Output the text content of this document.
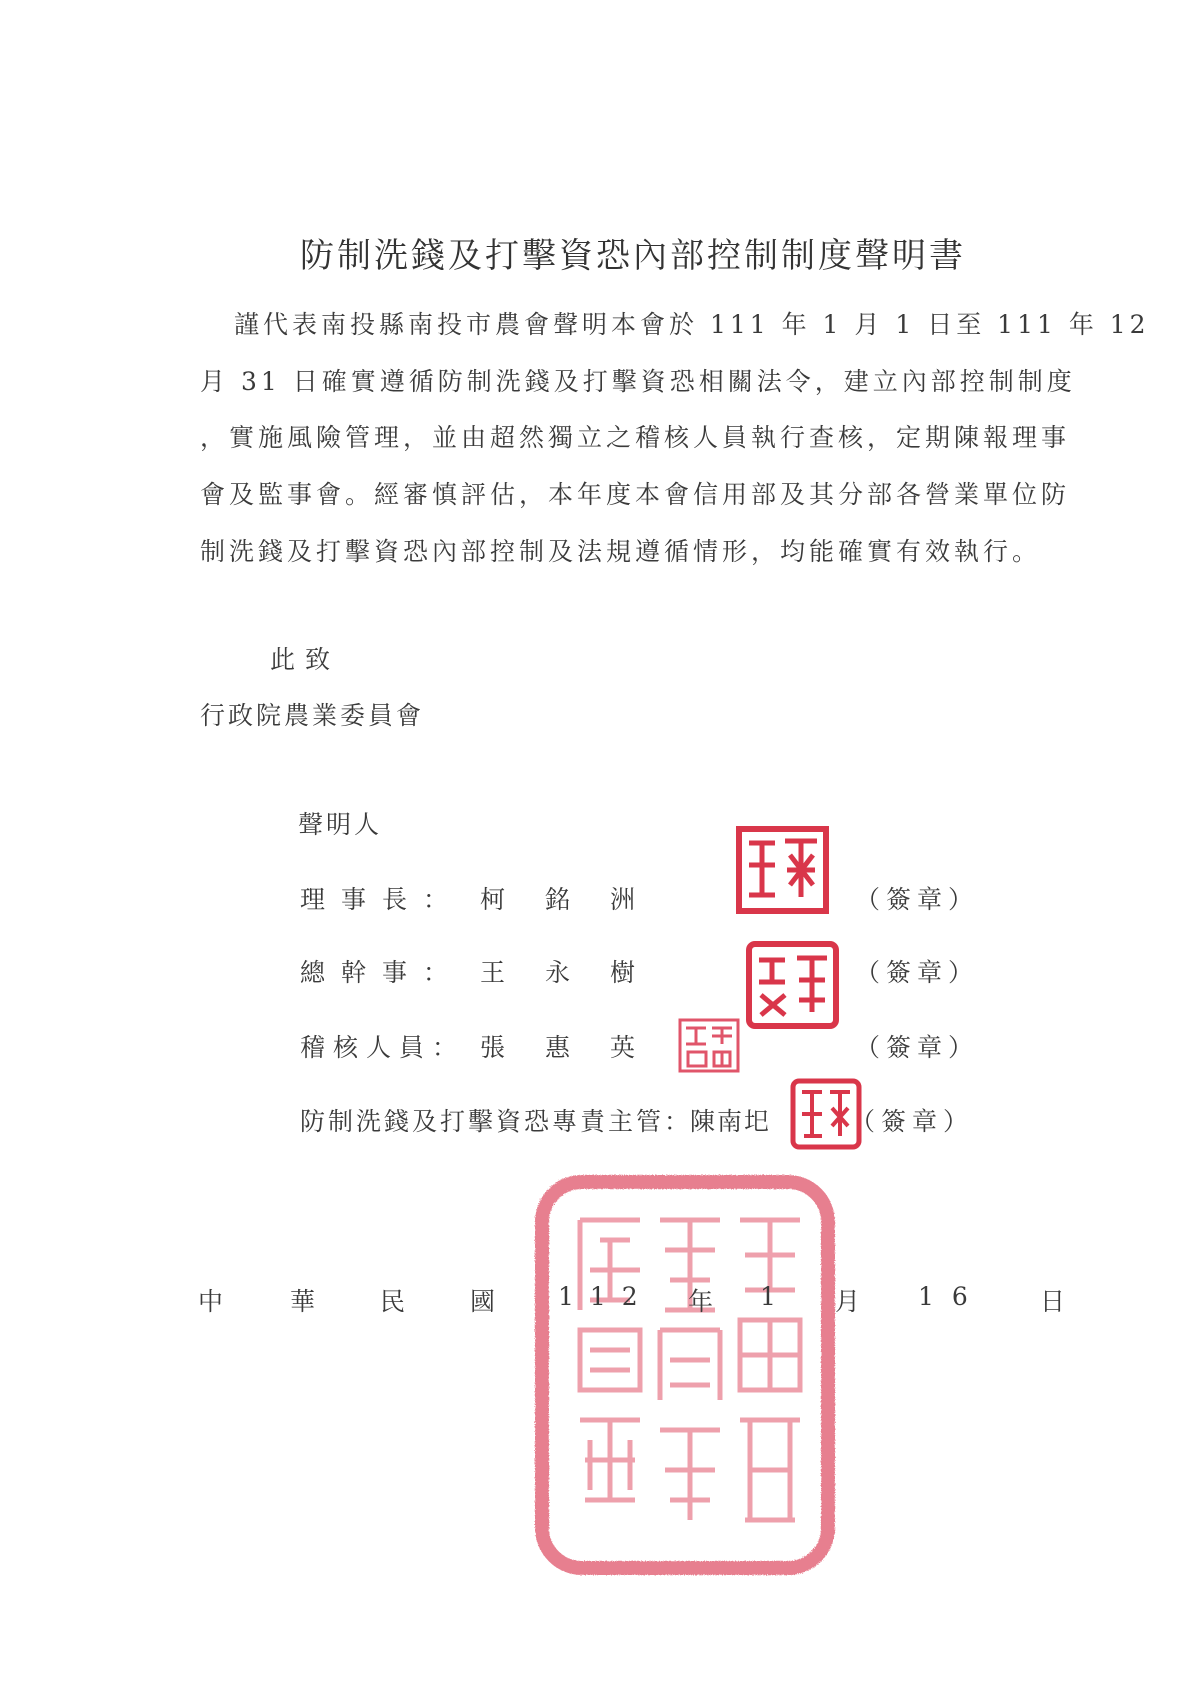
防制洗錢及打擊資恐內部控制制度聲明書
　謹代表南投縣南投市農會聲明本會於 111 年 1 月 1 日至 111 年 12
月 31 日確實遵循防制洗錢及打擊資恐相關法令，建立內部控制制度
，實施風險管理，並由超然獨立之稽核人員執行查核，定期陳報理事
會及監事會。經審慎評估，本年度本會信用部及其分部各營業單位防
制洗錢及打擊資恐內部控制及法規遵循情形，均能確實有效執行。
此致
行政院農業委員會
聲明人
理事長： 柯銘洲	（簽章）
總幹事： 王永樹	（簽章）
稽核人員： 張惠英	（簽章）
防制洗錢及打擊資恐專責主管：
陳南圯	（簽章）
中	華	民	國	112 年 1 月 16 日
